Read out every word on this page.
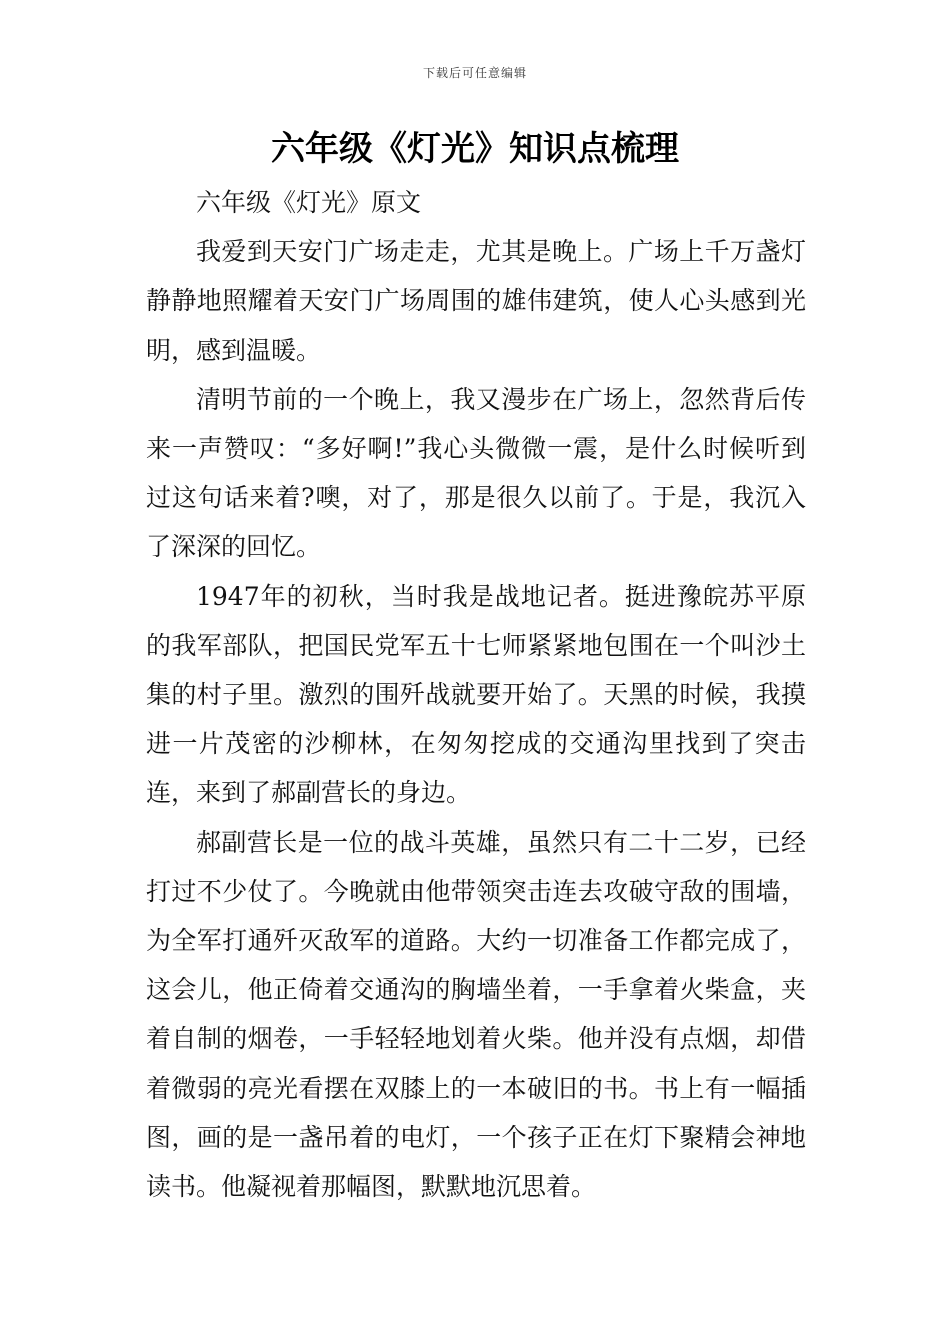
下载后可任意编辑
六年级《灯光》知识点梳理

六年级《灯光》原文

我爱到天安门广场走走，尤其是晚上。广场上千万盏灯静静地照耀着天安门广场周围的雄伟建筑，使人心头感到光明，感到温暖。

清明节前的一个晚上，我又漫步在广场上，忽然背后传来一声赞叹：“多好啊!”我心头微微一震，是什么时候听到过这句话来着?噢，对了，那是很久以前了。于是，我沉入了深深的回忆。

1947年的初秋，当时我是战地记者。挺进豫皖苏平原的我军部队，把国民党军五十七师紧紧地包围在一个叫沙土集的村子里。激烈的围歼战就要开始了。天黑的时候，我摸进一片茂密的沙柳林，在匆匆挖成的交通沟里找到了突击连，来到了郝副营长的身边。

郝副营长是一位的战斗英雄，虽然只有二十二岁，已经打过不少仗了。今晚就由他带领突击连去攻破守敌的围墙，为全军打通歼灭敌军的道路。大约一切准备工作都完成了，这会儿，他正倚着交通沟的胸墙坐着，一手拿着火柴盒，夹着自制的烟卷，一手轻轻地划着火柴。他并没有点烟，却借着微弱的亮光看摆在双膝上的一本破旧的书。书上有一幅插图，画的是一盏吊着的电灯，一个孩子正在灯下聚精会神地读书。他凝视着那幅图，默默地沉思着。
